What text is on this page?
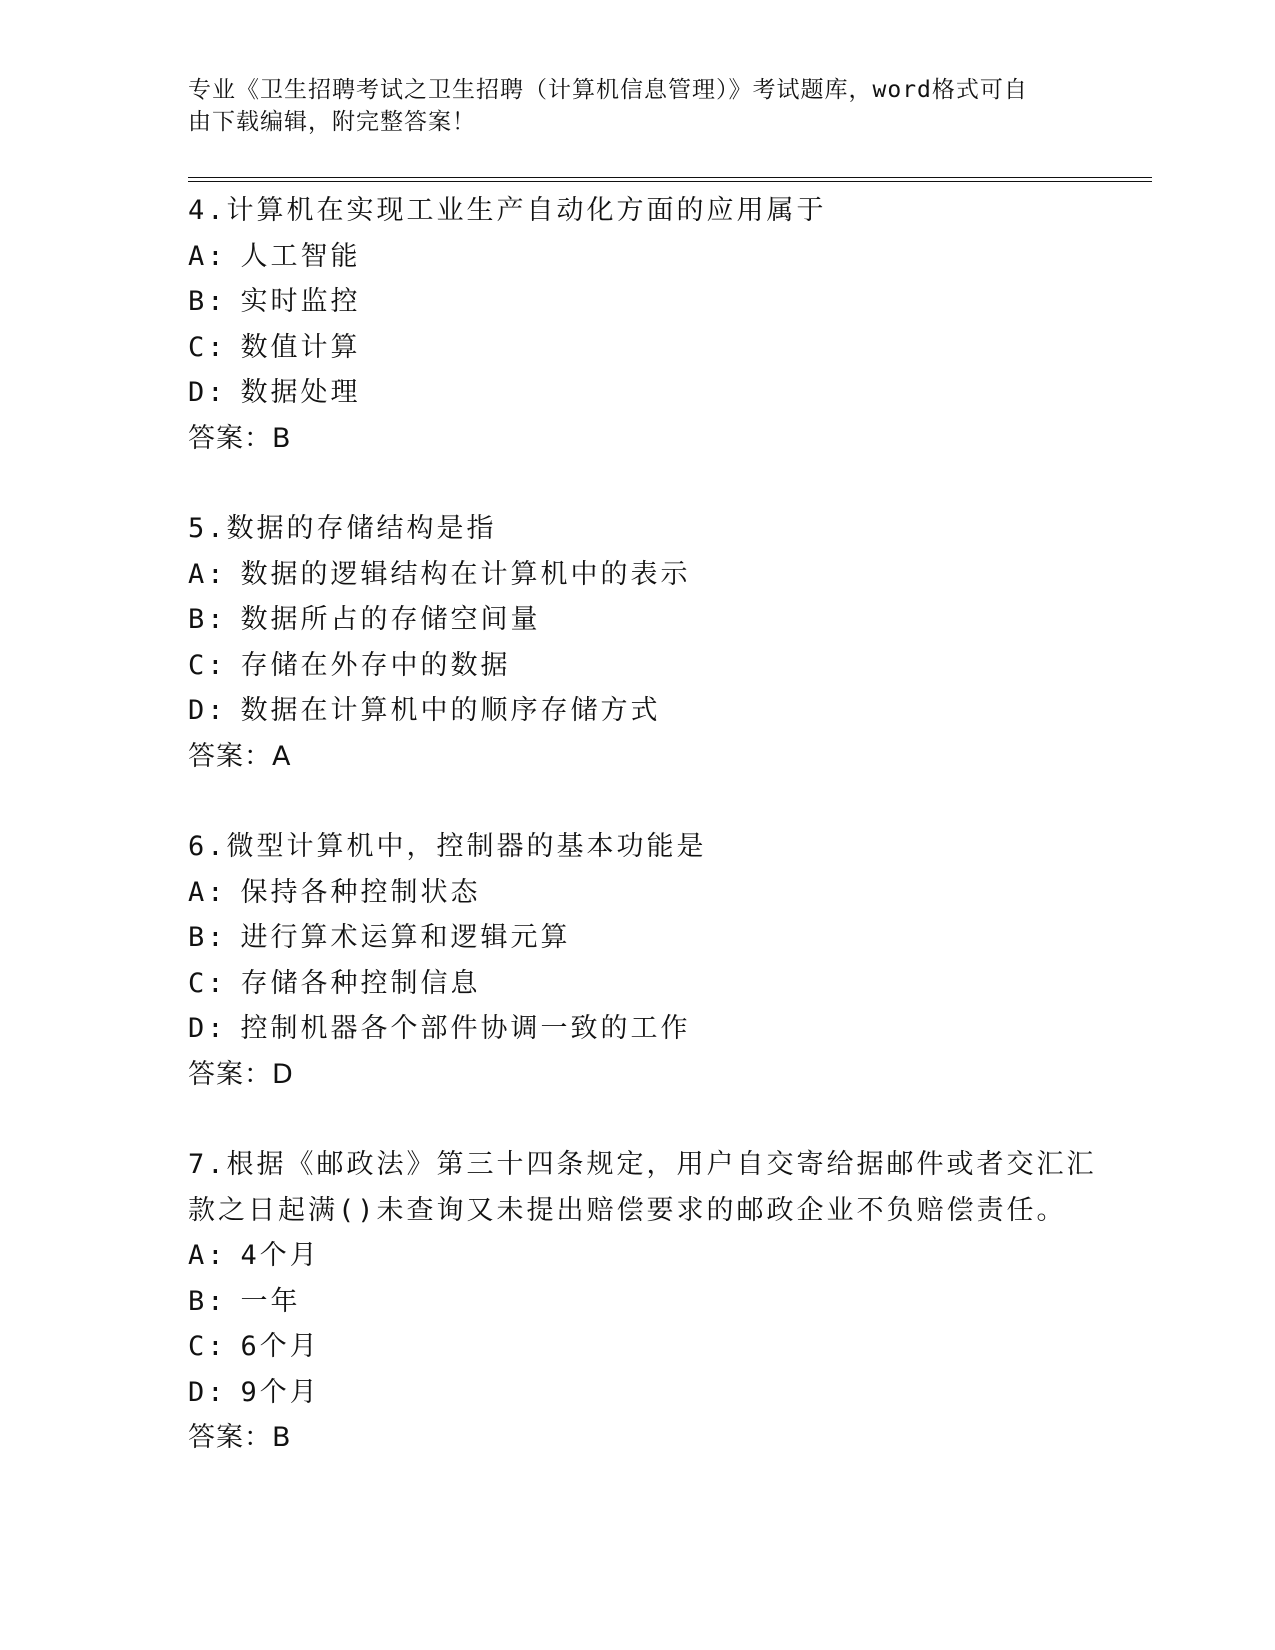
专业《卫生招聘考试之卫生招聘（计算机信息管理）》考试题库，word格式可自
由下载编辑，附完整答案！
4.计算机在实现工业生产自动化方面的应用属于
A: 人工智能
B: 实时监控
C: 数值计算
D: 数据处理
答案：B
5.数据的存储结构是指
A: 数据的逻辑结构在计算机中的表示
B: 数据所占的存储空间量
C: 存储在外存中的数据
D: 数据在计算机中的顺序存储方式
答案：A
6.微型计算机中，控制器的基本功能是
A: 保持各种控制状态
B: 进行算术运算和逻辑元算
C: 存储各种控制信息
D: 控制机器各个部件协调一致的工作
答案：D
7.根据《邮政法》第三十四条规定，用户自交寄给据邮件或者交汇汇
款之日起满()未查询又未提出赔偿要求的邮政企业不负赔偿责任。
A: 4个月
B: 一年
C: 6个月
D: 9个月
答案：B
